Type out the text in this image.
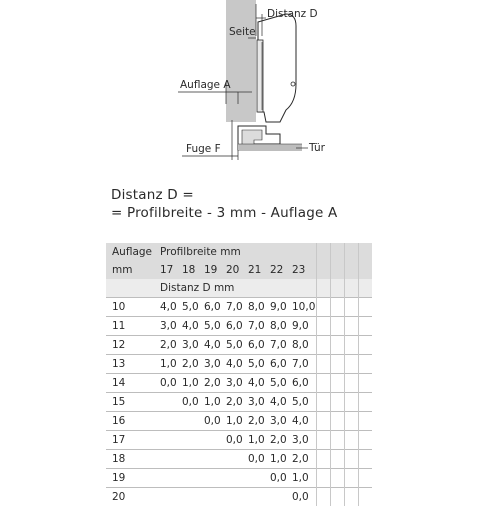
Distanz D
Seite
Auflage A
Fuge F	Tür
Distanz D =
= Profilbreite - 3 mm - Auflage A
Auflage	Profilbreite mm										
mm	17	18	19	20	21	22	23				
	Distanz D mm										
10	4,0	5,0	6,0	7,0	8,0	9,0	10,0				
11	3,0	4,0	5,0	6,0	7,0	8,0	9,0				
12	2,0	3,0	4,0	5,0	6,0	7,0	8,0				
13	1,0	2,0	3,0	4,0	5,0	6,0	7,0				
14	0,0	1,0	2,0	3,0	4,0	5,0	6,0				
15		0,0	1,0	2,0	3,0	4,0	5,0				
16			0,0	1,0	2,0	3,0	4,0				
17				0,0	1,0	2,0	3,0				
18					0,0	1,0	2,0				
19						0,0	1,0				
20							0,0				
